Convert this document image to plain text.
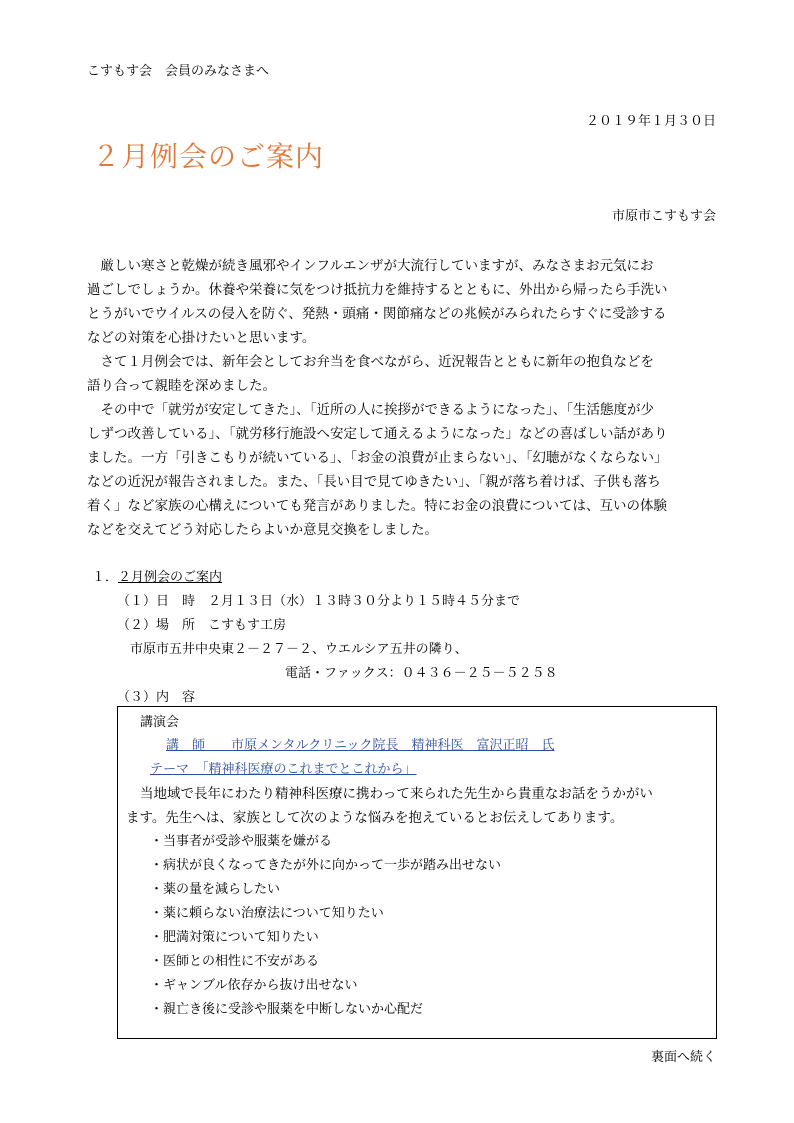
こすもす会　会員のみなさまへ
２０１９年１月３０日
２月例会のご案内
市原市こすもす会
　厳しい寒さと乾燥が続き風邪やインフルエンザが大流行していますが、みなさまお元気にお
過ごしでしょうか。休養や栄養に気をつけ抵抗力を維持するとともに、外出から帰ったら手洗い
とうがいでウイルスの侵入を防ぐ、発熱・頭痛・関節痛などの兆候がみられたらすぐに受診する
などの対策を心掛けたいと思います。
　さて１月例会では、新年会としてお弁当を食べながら、近況報告とともに新年の抱負などを
語り合って親睦を深めました。
　その中で「就労が安定してきた」、「近所の人に挨拶ができるようになった」、「生活態度が少
しずつ改善している」、「就労移行施設へ安定して通えるようになった」などの喜ばしい話があり
ました。一方「引きこもりが続いている」、「お金の浪費が止まらない」、「幻聴がなくならない」
などの近況が報告されました。また、「長い目で見てゆきたい」、「親が落ち着けば、子供も落ち
着く」など家族の心構えについても発言がありました。特にお金の浪費については、互いの体験
などを交えてどう対応したらよいか意見交換をしました。
１．２月例会のご案内
（１）日　時　２月１３日（水）１３時３０分より１５時４５分まで
（２）場　所　こすもす工房
市原市五井中央東２－２７－２、ウエルシア五井の隣り、
電話・ファックス：０４３６－２５－５２５８
（３）内　容
講演会
講　師　　市原メンタルクリニック院長　精神科医　富沢正昭　氏
テーマ　「精神科医療のこれまでとこれから」
当地域で長年にわたり精神科医療に携わって来られた先生から貴重なお話をうかがい
ます。先生へは、家族として次のような悩みを抱えているとお伝えしてあります。
・当事者が受診や服薬を嫌がる
・病状が良くなってきたが外に向かって一歩が踏み出せない
・薬の量を減らしたい
・薬に頼らない治療法について知りたい
・肥満対策について知りたい
・医師との相性に不安がある
・ギャンブル依存から抜け出せない
・親亡き後に受診や服薬を中断しないか心配だ
裏面へ続く
